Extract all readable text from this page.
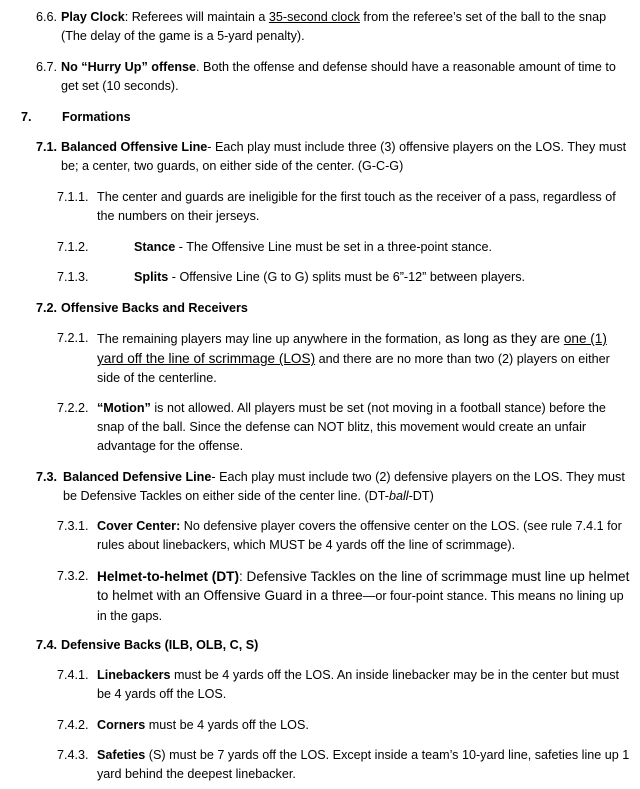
6.6. Play Clock: Referees will maintain a 35-second clock from the referee’s set of the ball to the snap (The delay of the game is a 5-yard penalty).
6.7. No “Hurry Up” offense. Both the offense and defense should have a reasonable amount of time to get set (10 seconds).
7. Formations
7.1. Balanced Offensive Line- Each play must include three (3) offensive players on the LOS. They must be; a center, two guards, on either side of the center. (G-C-G)
7.1.1. The center and guards are ineligible for the first touch as the receiver of a pass, regardless of the numbers on their jerseys.
7.1.2.	Stance - The Offensive Line must be set in a three-point stance.
7.1.3.	Splits - Offensive Line (G to G) splits must be 6”-12” between players.
7.2. Offensive Backs and Receivers
7.2.1. The remaining players may line up anywhere in the formation, as long as they are one (1) yard off the line of scrimmage (LOS) and there are no more than two (2) players on either side of the centerline.
7.2.2. “Motion” is not allowed. All players must be set (not moving in a football stance) before the snap of the ball. Since the defense can NOT blitz, this movement would create an unfair advantage for the offense.
7.3. Balanced Defensive Line- Each play must include two (2) defensive players on the LOS. They must be Defensive Tackles on either side of the center line. (DT-ball-DT)
7.3.1. Cover Center: No defensive player covers the offensive center on the LOS. (see rule 7.4.1 for rules about linebackers, which MUST be 4 yards off the line of scrimmage).
7.3.2. Helmet-to-helmet (DT): Defensive Tackles on the line of scrimmage must line up helmet to helmet with an Offensive Guard in a three—or four-point stance. This means no lining up in the gaps.
7.4. Defensive Backs (ILB, OLB, C, S)
7.4.1. Linebackers must be 4 yards off the LOS. An inside linebacker may be in the center but must be 4 yards off the LOS.
7.4.2. Corners must be 4 yards off the LOS.
7.4.3. Safeties (S) must be 7 yards off the LOS. Except inside a team’s 10-yard line, safeties line up 1 yard behind the deepest linebacker.
